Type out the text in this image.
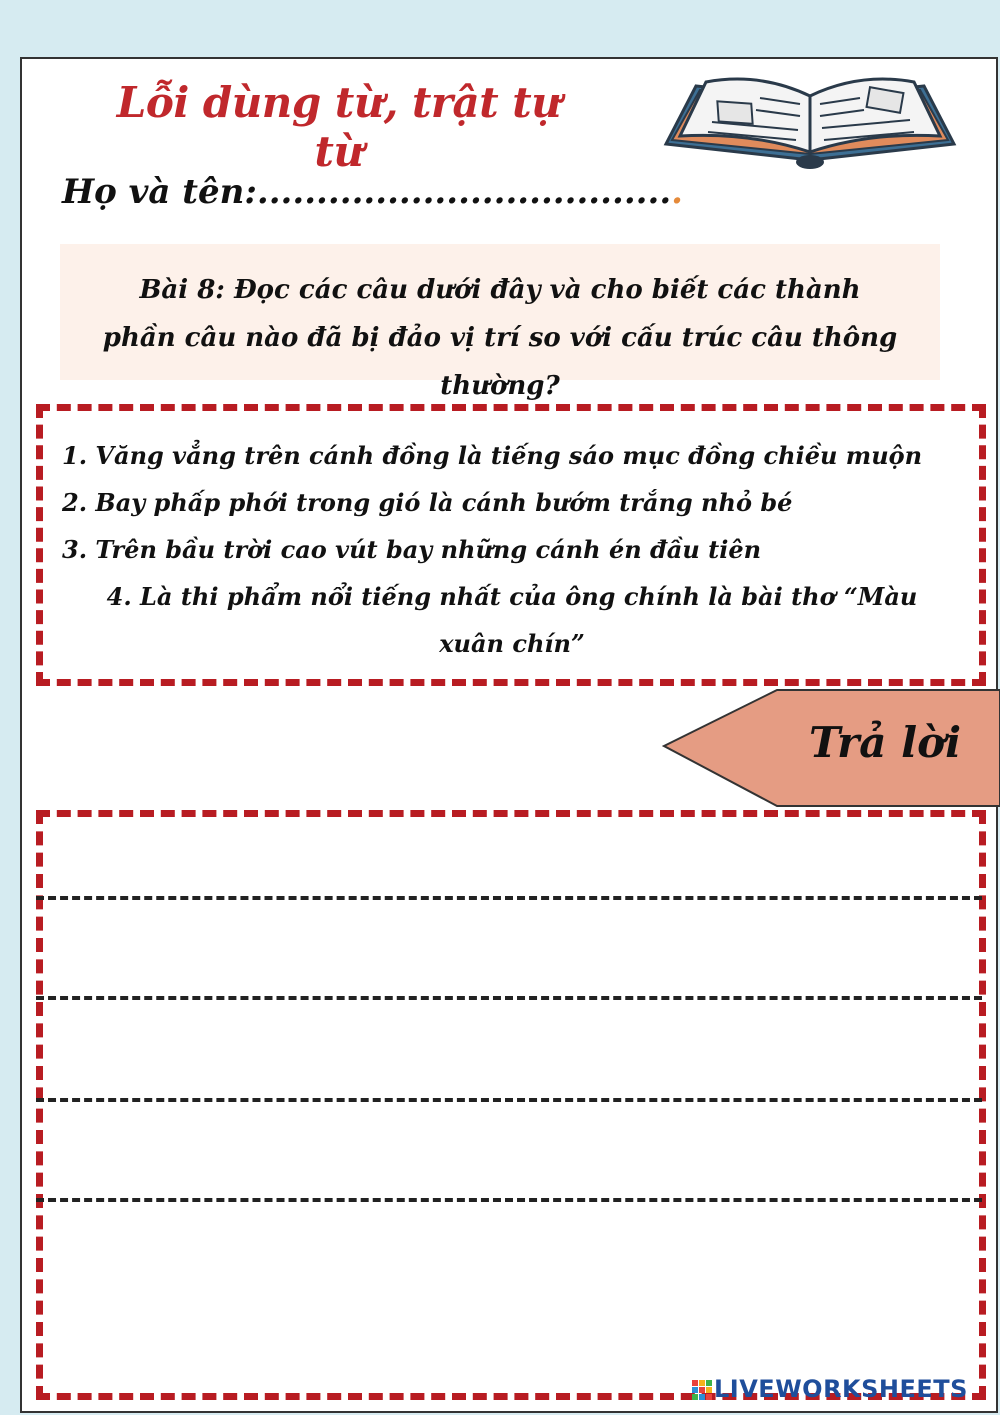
Lỗi dùng từ, trật tự từ
Họ và tên:....................................
Bài 8: Đọc các câu dưới đây và cho biết các thành phần câu nào đã bị đảo vị trí so với cấu trúc câu thông thường?
1. Văng vẳng trên cánh đồng là tiếng sáo mục đồng chiều muộn
2. Bay phấp phới trong gió là cánh bướm trắng nhỏ bé
3. Trên bầu trời cao vút bay những cánh én đầu tiên
4. Là thi phẩm nổi tiếng nhất của ông chính là bài thơ “Màu xuân chín”
Trả lời
LIVEWORKSHEETS
